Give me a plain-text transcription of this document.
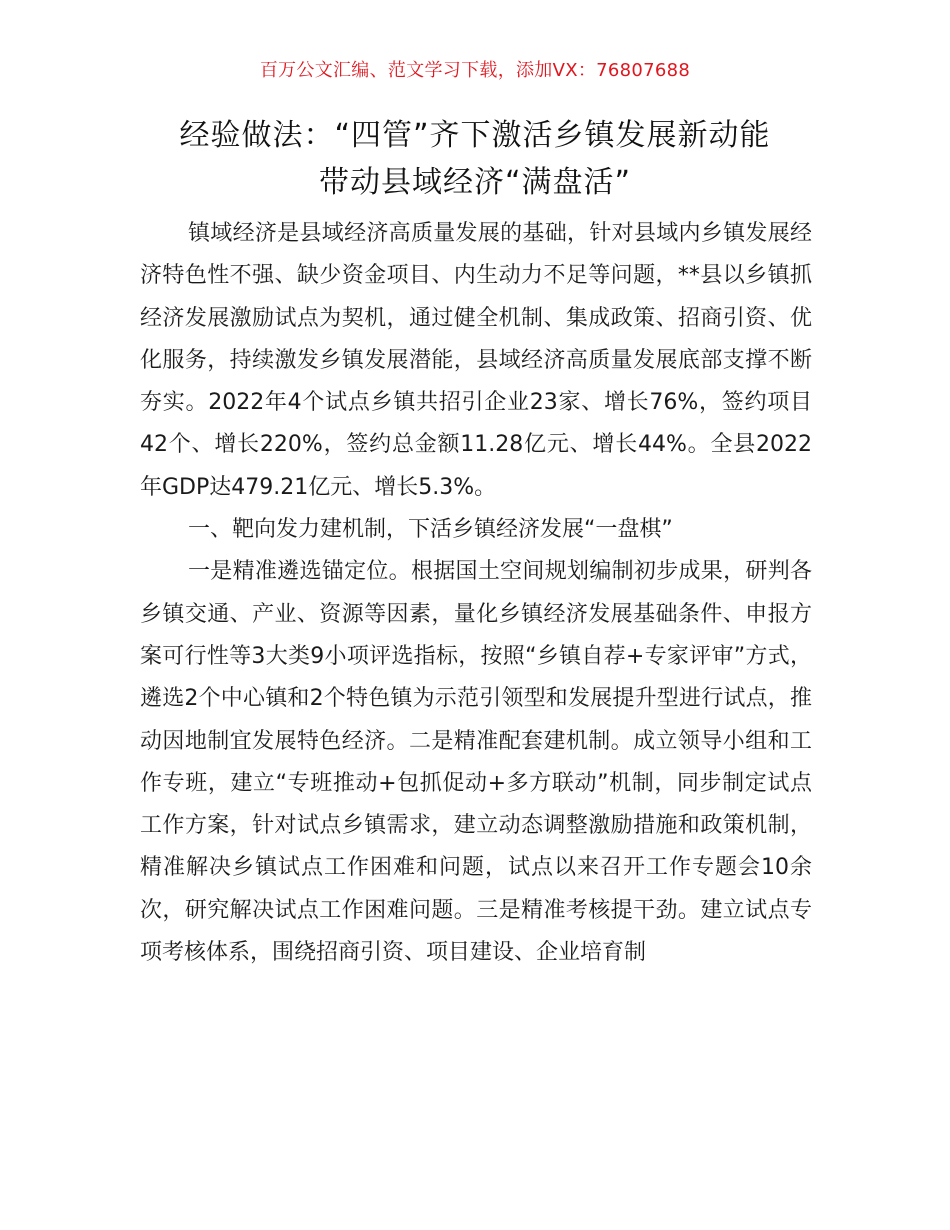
百万公文汇编、范文学习下载，添加VX：76807688
经验做法：“四管”齐下激活乡镇发展新动能
带动县域经济“满盘活”

镇域经济是县域经济高质量发展的基础，针对县域内乡镇发展经济特色性不强、缺少资金项目、内生动力不足等问题，**县以乡镇抓经济发展激励试点为契机，通过健全机制、集成政策、招商引资、优化服务，持续激发乡镇发展潜能，县域经济高质量发展底部支撑不断夯实。2022年4个试点乡镇共招引企业23家、增长76%，签约项目42个、增长220%，签约总金额11.28亿元、增长44%。全县2022年GDP达479.21亿元、增长5.3%。

一、靶向发力建机制，下活乡镇经济发展“一盘棋”

一是精准遴选锚定位。根据国土空间规划编制初步成果，研判各乡镇交通、产业、资源等因素，量化乡镇经济发展基础条件、申报方案可行性等3大类9小项评选指标，按照“乡镇自荐+专家评审”方式，遴选2个中心镇和2个特色镇为示范引领型和发展提升型进行试点，推动因地制宜发展特色经济。二是精准配套建机制。成立领导小组和工作专班，建立“专班推动+包抓促动+多方联动”机制，同步制定试点工作方案，针对试点乡镇需求，建立动态调整激励措施和政策机制，精准解决乡镇试点工作困难和问题，试点以来召开工作专题会10余次，研究解决试点工作困难问题。三是精准考核提干劲。建立试点专项考核体系，围绕招商引资、项目建设、企业培育制
